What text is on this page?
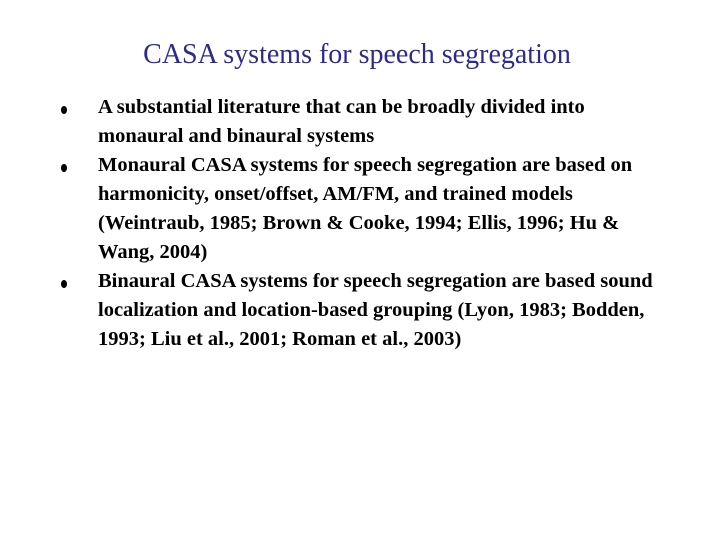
CASA systems for speech segregation
A substantial literature that can be broadly divided into monaural and binaural systems
Monaural CASA systems for speech segregation are based on harmonicity, onset/offset, AM/FM, and trained models (Weintraub, 1985; Brown & Cooke, 1994; Ellis, 1996; Hu & Wang, 2004)
Binaural CASA systems for speech segregation are based sound localization and location-based grouping (Lyon, 1983; Bodden, 1993; Liu et al., 2001; Roman et al., 2003)
